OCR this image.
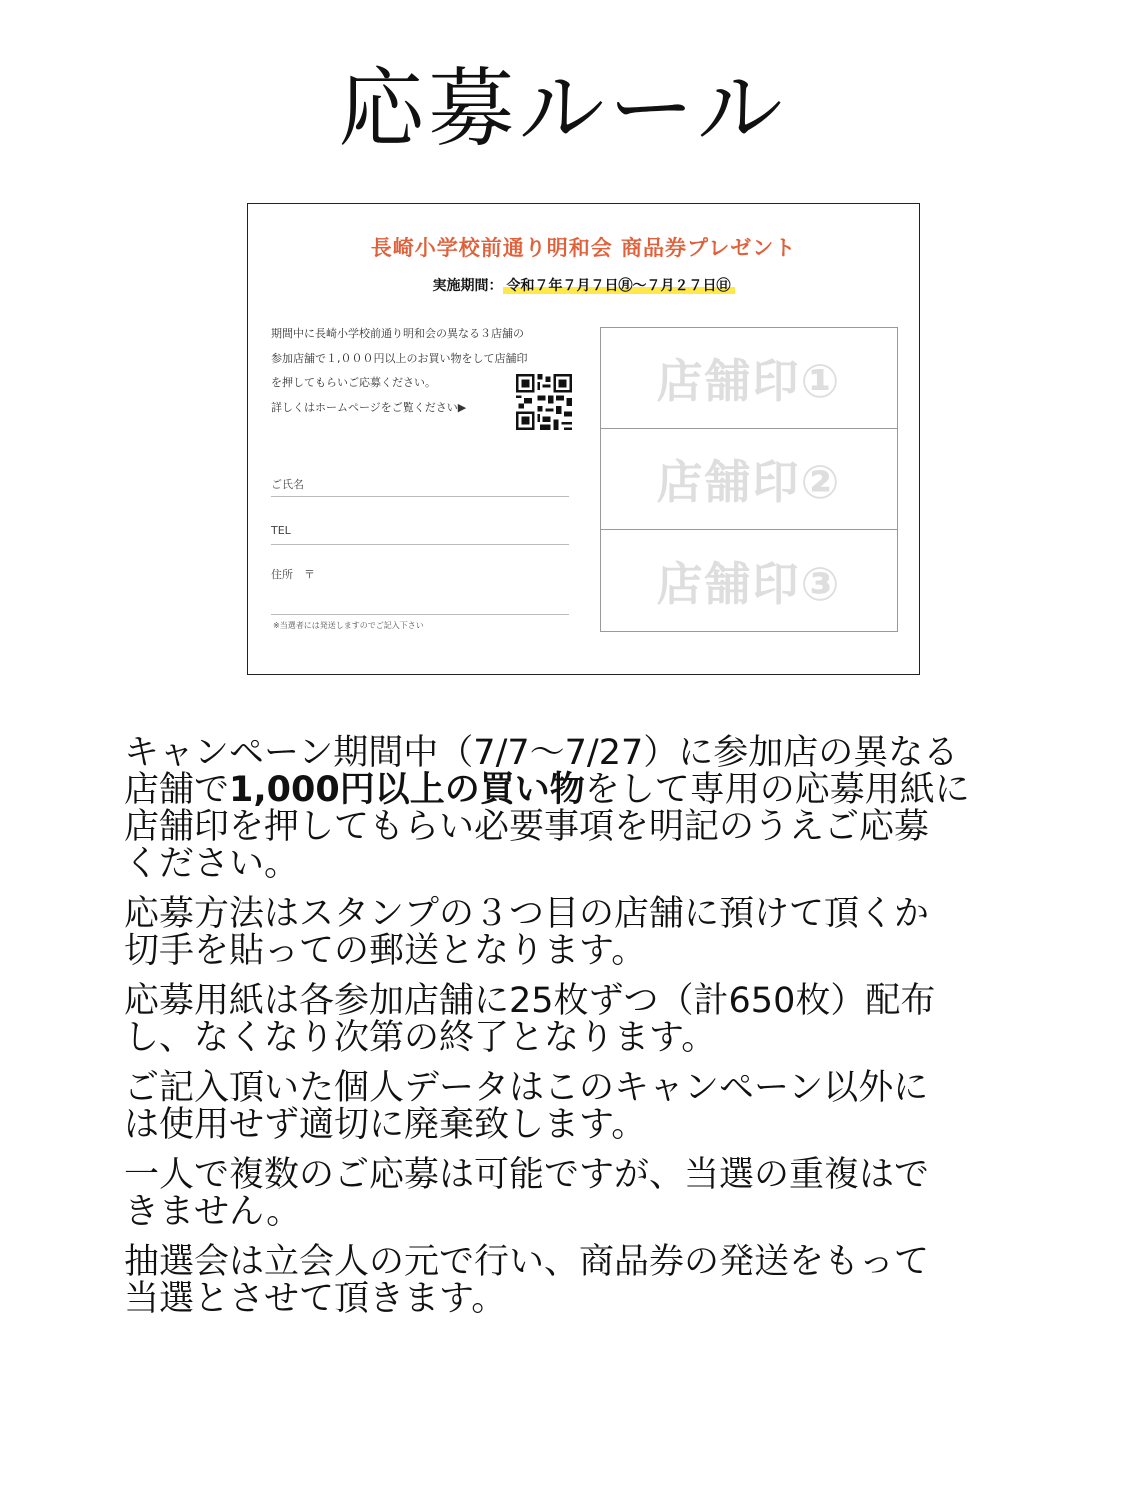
応募ルール
長崎小学校前通り明和会 商品券プレゼント
実施期間： 令和７年７月７日㊊〜７月２７日㊐
期間中に長崎小学校前通り明和会の異なる３店舗の
参加店舗で１,０００円以上のお買い物をして店舗印
を押してもらいご応募ください。
詳しくはホームページをご覧ください▶
ご氏名
TEL
住所　〒
※当選者には発送しますのでご記入下さい
店舗印①
店舗印②
店舗印③

キャンペーン期間中（7/7〜7/27）に参加店の異なる
店舗で1,000円以上の買い物をして専用の応募用紙に
店舗印を押してもらい必要事項を明記のうえご応募
ください。

応募方法はスタンプの３つ目の店舗に預けて頂くか
切手を貼っての郵送となります。

応募用紙は各参加店舗に25枚ずつ（計650枚）配布
し、なくなり次第の終了となります。

ご記入頂いた個人データはこのキャンペーン以外に
は使用せず適切に廃棄致します。

一人で複数のご応募は可能ですが、当選の重複はで
きません。

抽選会は立会人の元で行い、商品券の発送をもって
当選とさせて頂きます。
